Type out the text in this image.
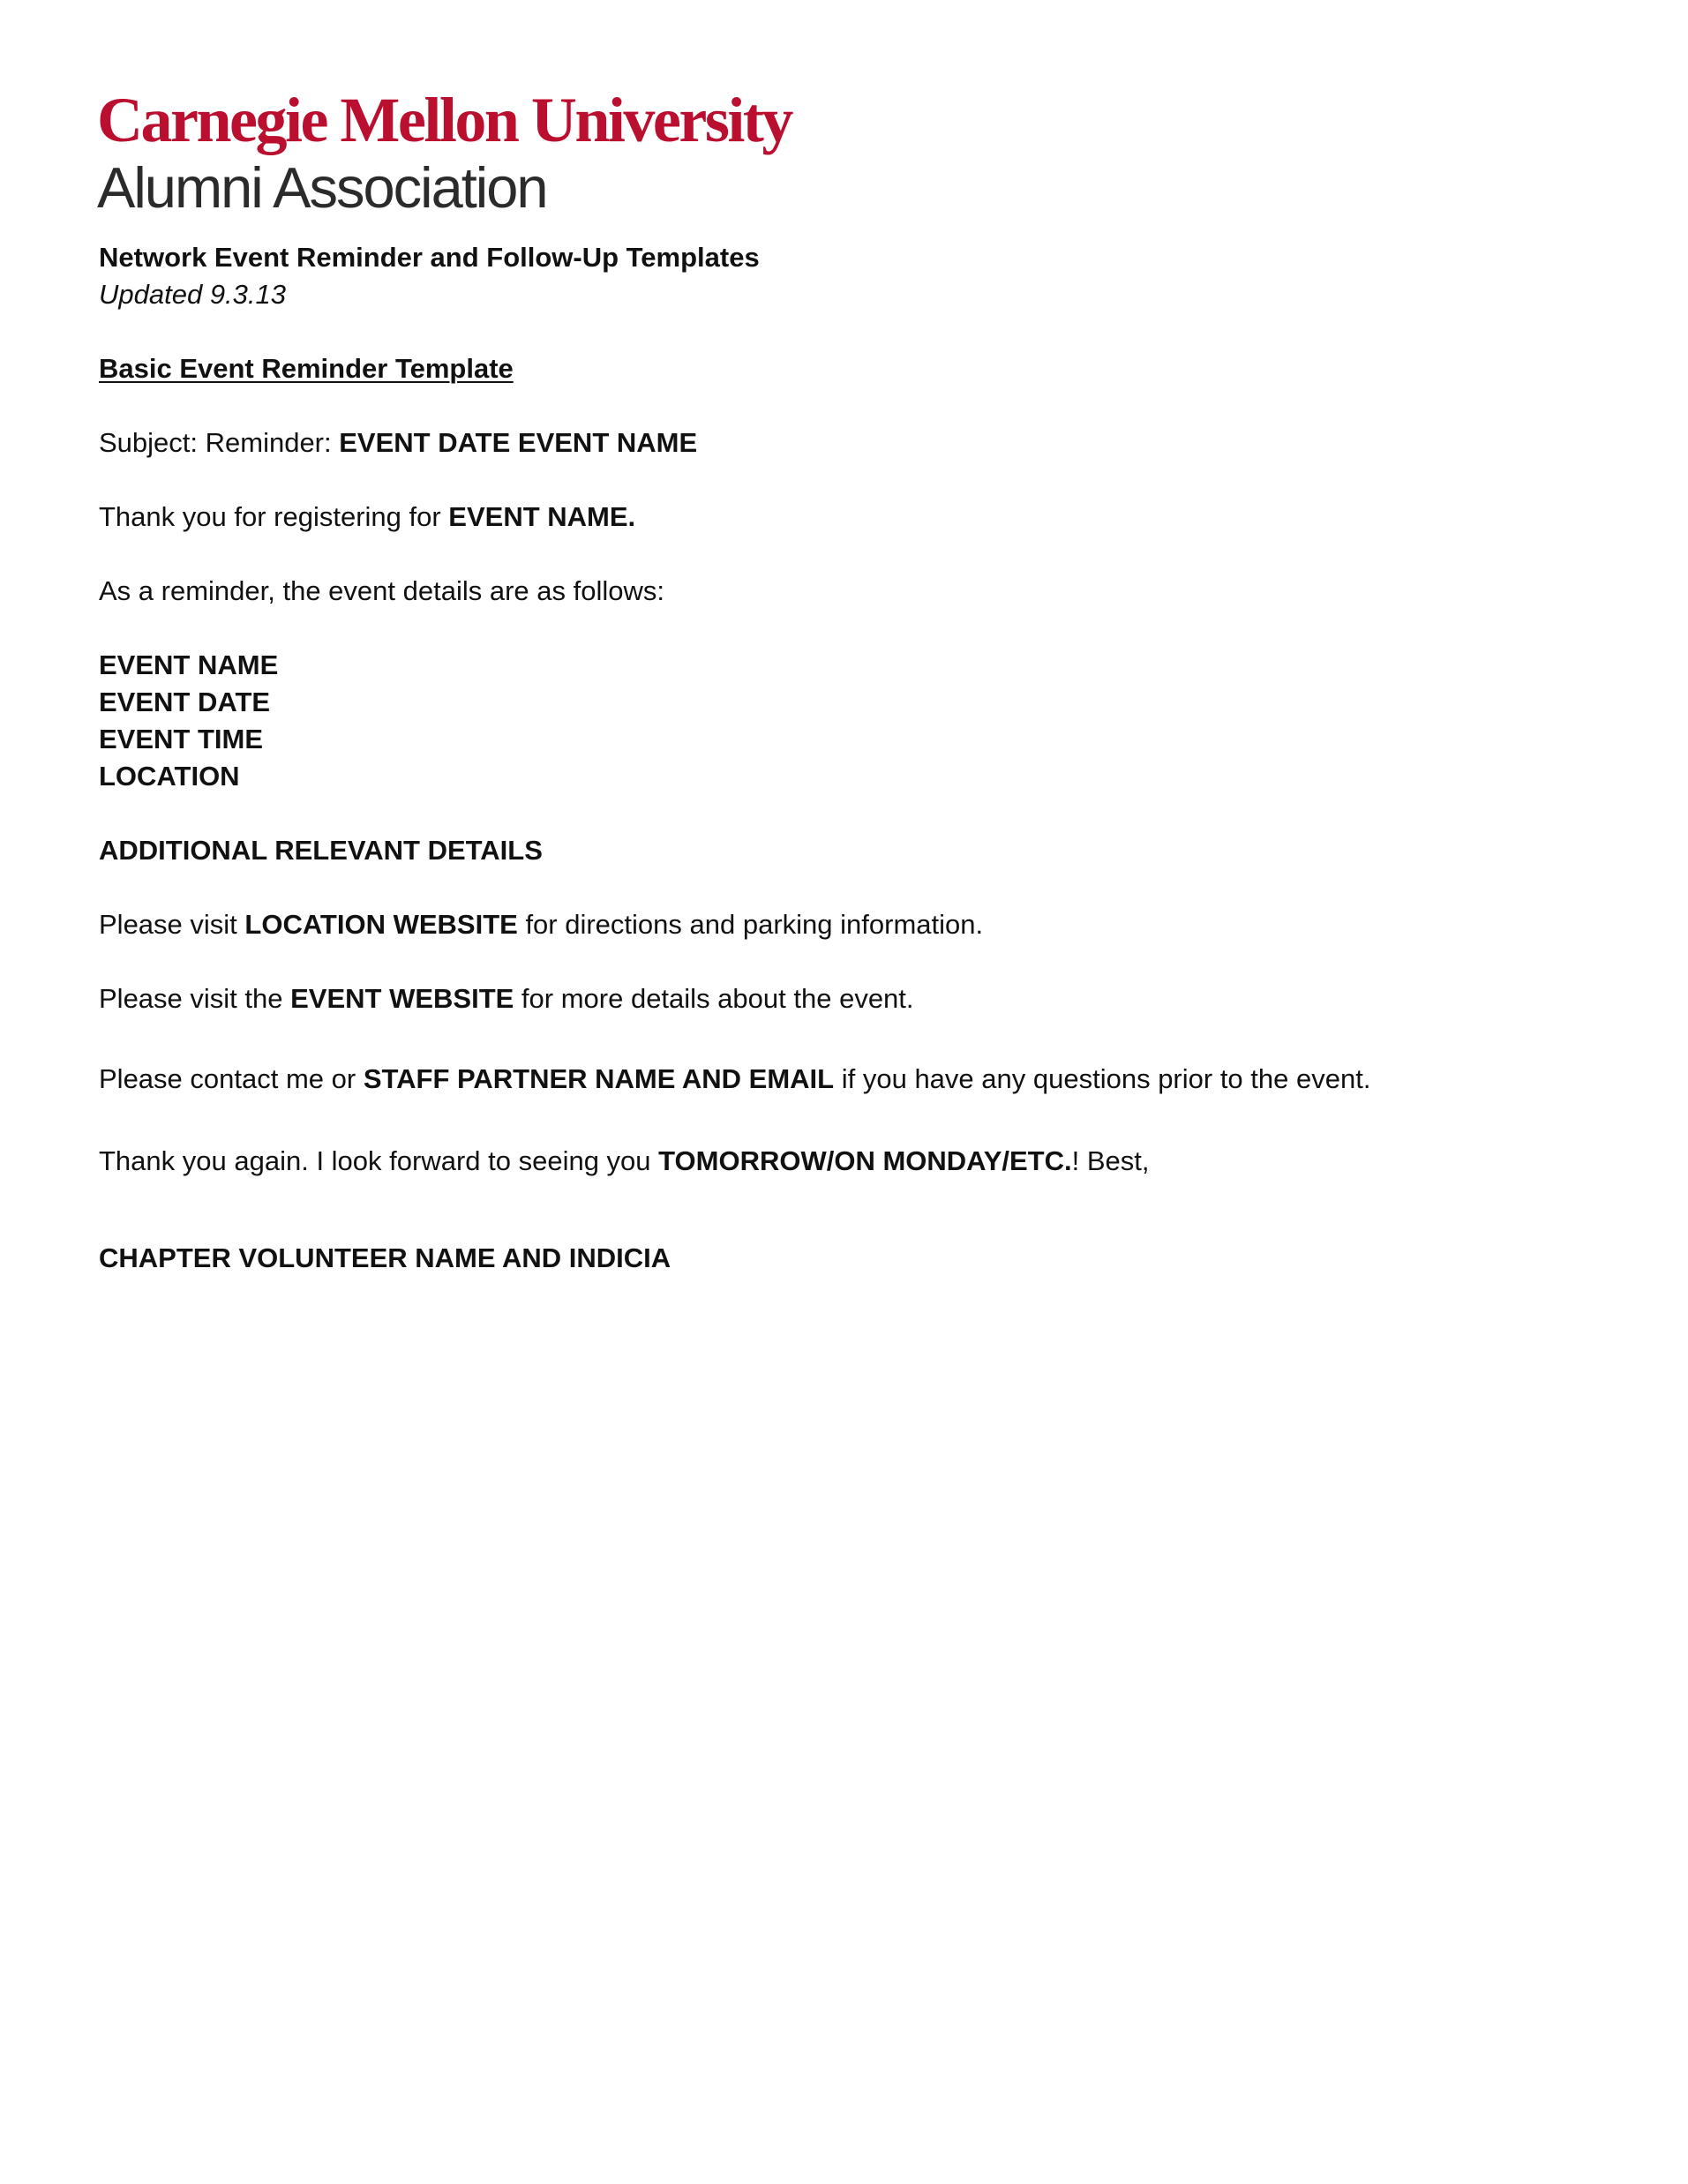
Carnegie Mellon University
Alumni Association
Network Event Reminder and Follow-Up Templates
Updated 9.3.13
Basic Event Reminder Template
Subject: Reminder: EVENT DATE EVENT NAME
Thank you for registering for EVENT NAME.
As a reminder, the event details are as follows:
EVENT NAME
EVENT DATE
EVENT TIME
LOCATION
ADDITIONAL RELEVANT DETAILS
Please visit LOCATION WEBSITE for directions and parking information.
Please visit the EVENT WEBSITE for more details about the event.
Please contact me or STAFF PARTNER NAME AND EMAIL if you have any questions prior to the event.
Thank you again. I look forward to seeing you TOMORROW/ON MONDAY/ETC.! Best,
CHAPTER VOLUNTEER NAME AND INDICIA
